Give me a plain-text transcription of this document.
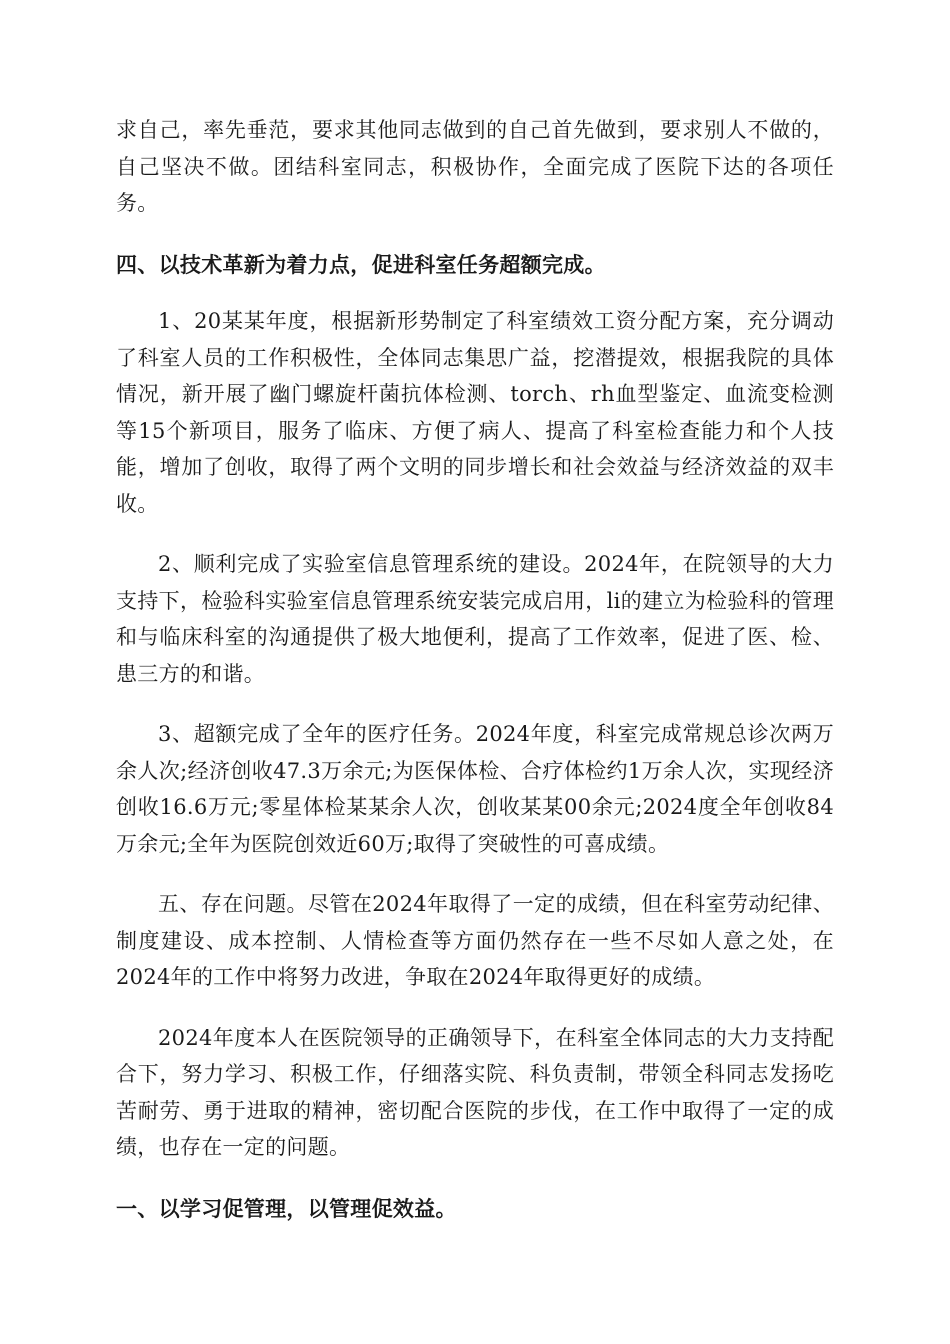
求自己，率先垂范，要求其他同志做到的自己首先做到，要求别人不做的，自己坚决不做。团结科室同志，积极协作，全面完成了医院下达的各项任务。

四、以技术革新为着力点，促进科室任务超额完成。

1、20某某年度，根据新形势制定了科室绩效工资分配方案，充分调动了科室人员的工作积极性，全体同志集思广益，挖潜提效，根据我院的具体情况，新开展了幽门螺旋杆菌抗体检测、torch、rh血型鉴定、血流变检测等15个新项目，服务了临床、方便了病人、提高了科室检查能力和个人技能，增加了创收，取得了两个文明的同步增长和社会效益与经济效益的双丰收。

2、顺利完成了实验室信息管理系统的建设。2024年，在院领导的大力支持下，检验科实验室信息管理系统安装完成启用，li的建立为检验科的管理和与临床科室的沟通提供了极大地便利，提高了工作效率，促进了医、检、患三方的和谐。

3、超额完成了全年的医疗任务。2024年度，科室完成常规总诊次两万余人次;经济创收47.3万余元;为医保体检、合疗体检约1万余人次，实现经济创收16.6万元;零星体检某某余人次，创收某某00余元;2024度全年创收84万余元;全年为医院创效近60万;取得了突破性的可喜成绩。

五、存在问题。尽管在2024年取得了一定的成绩，但在科室劳动纪律、制度建设、成本控制、人情检查等方面仍然存在一些不尽如人意之处，在2024年的工作中将努力改进，争取在2024年取得更好的成绩。

2024年度本人在医院领导的正确领导下，在科室全体同志的大力支持配合下，努力学习、积极工作，仔细落实院、科负责制，带领全科同志发扬吃苦耐劳、勇于进取的精神，密切配合医院的步伐，在工作中取得了一定的成绩，也存在一定的问题。

一、以学习促管理，以管理促效益。
